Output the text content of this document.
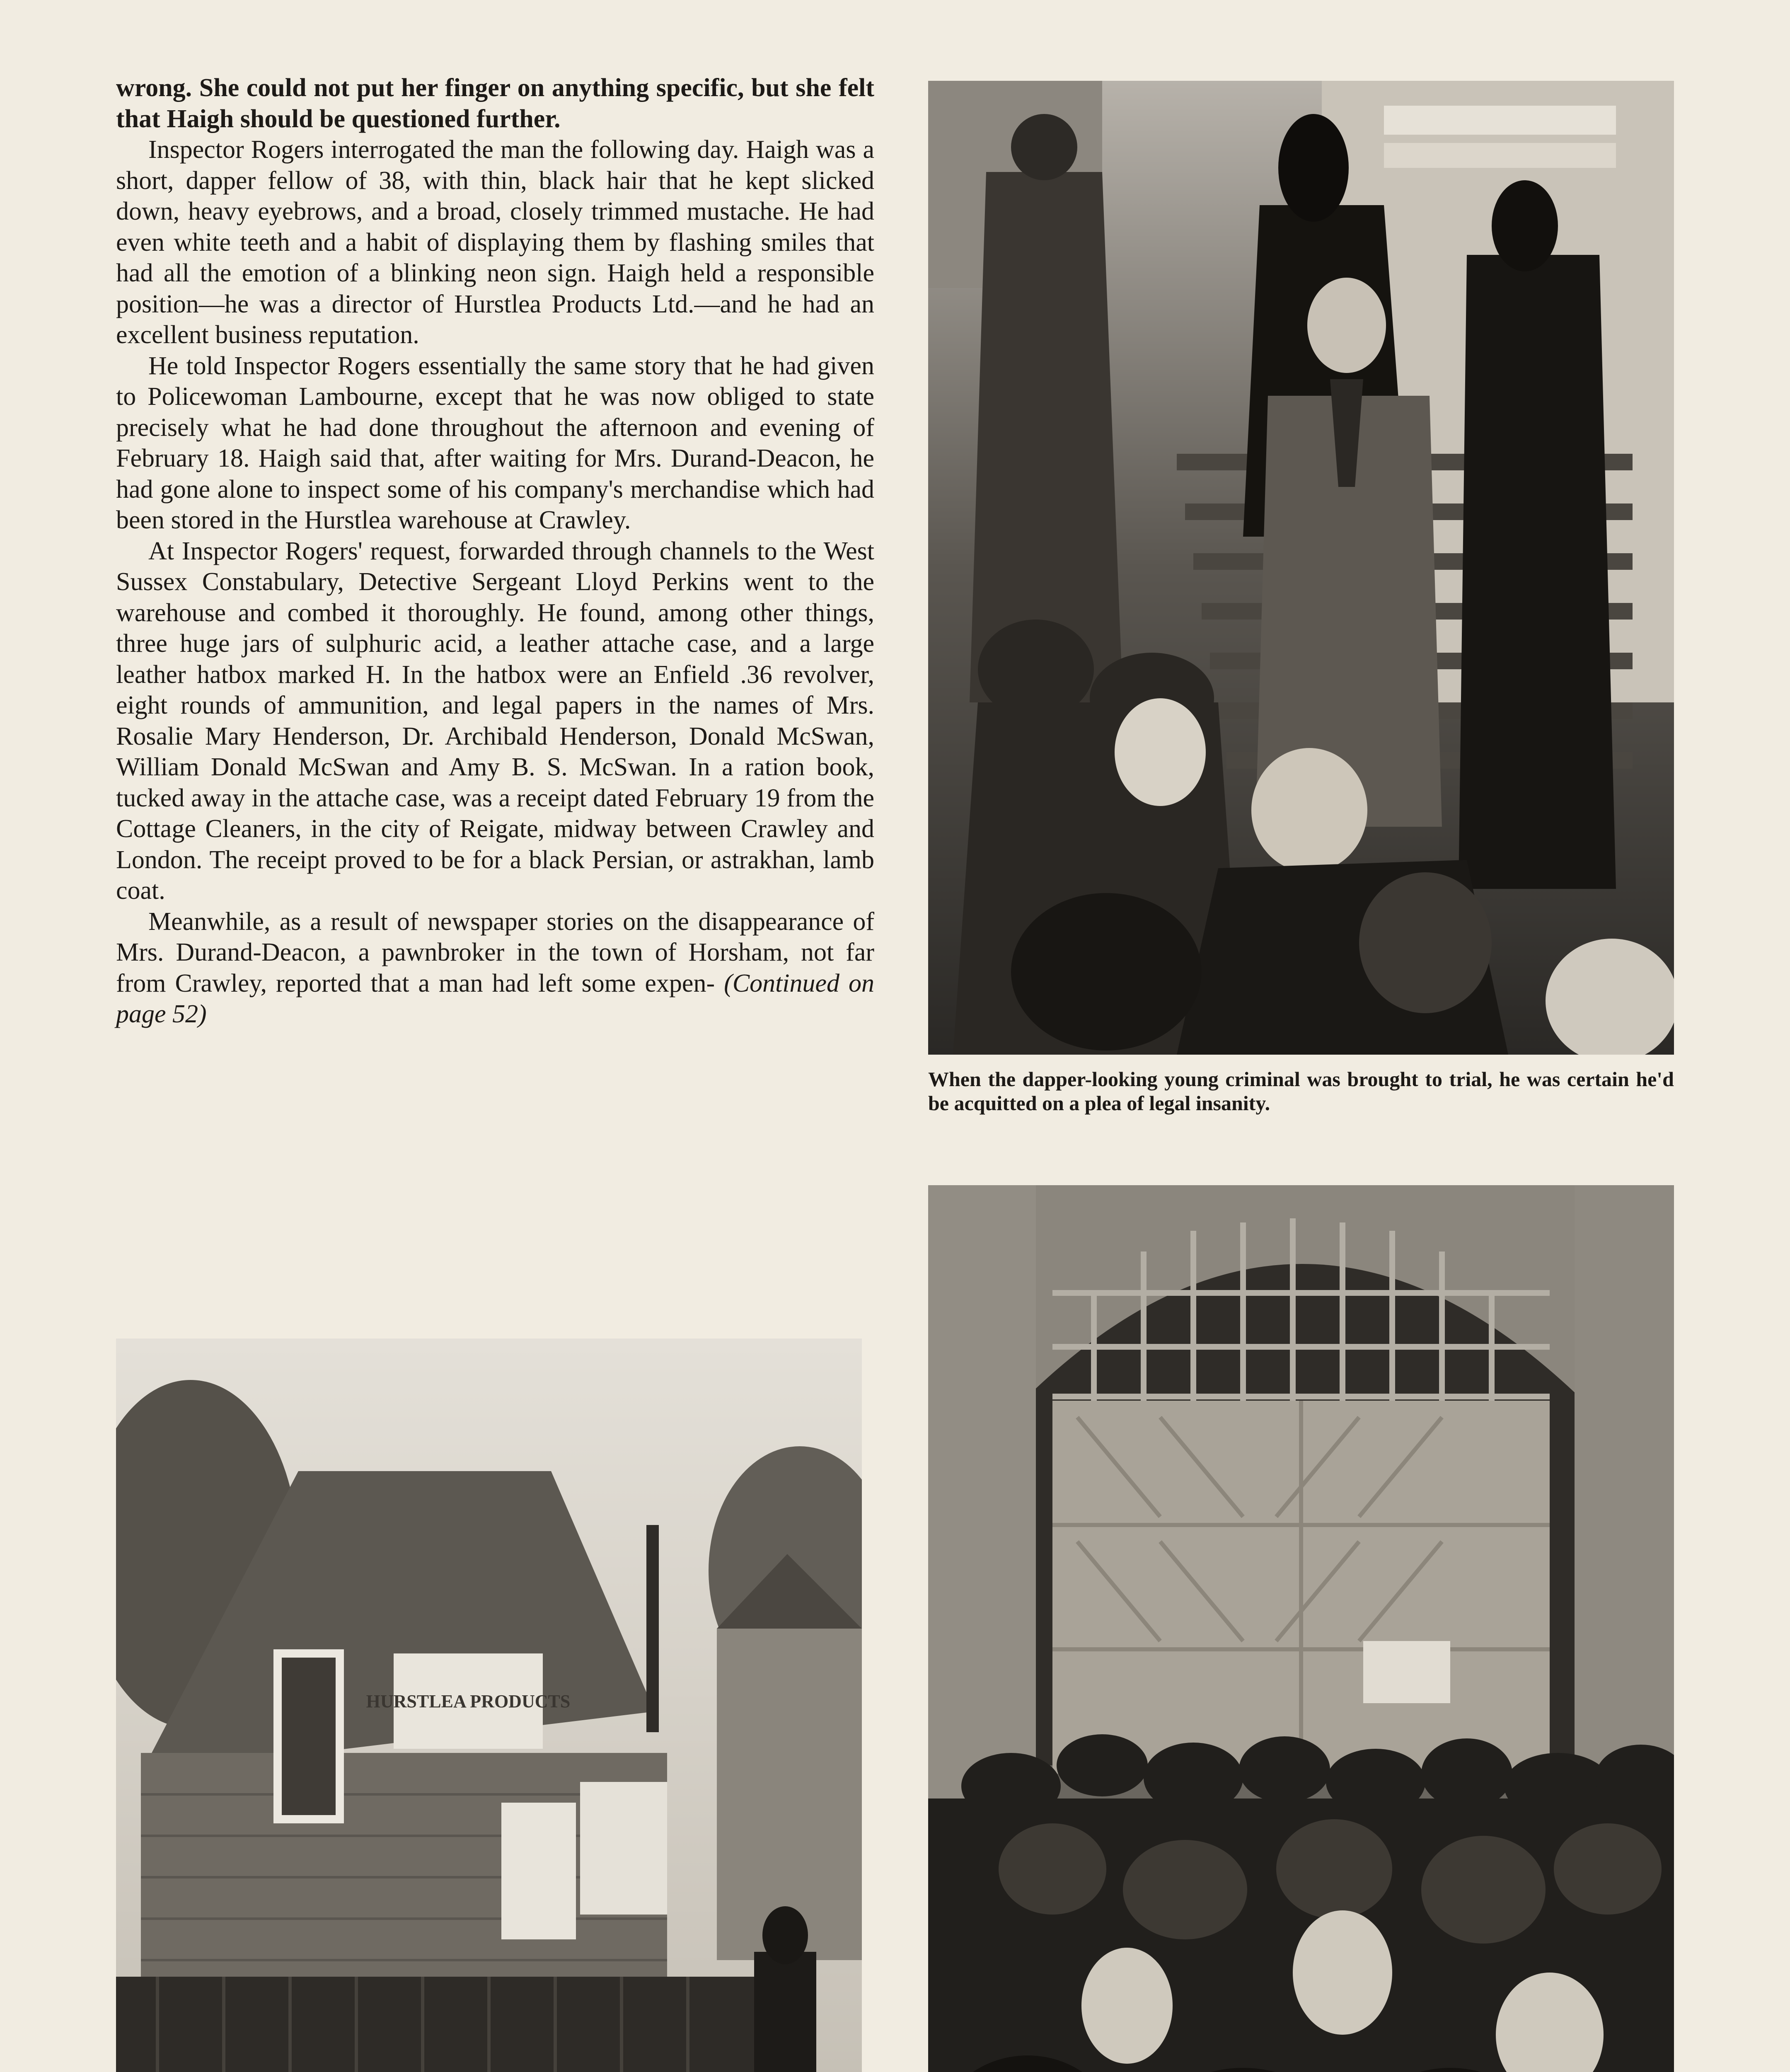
wrong. She could not put her finger on anything specific, but she felt that Haigh should be questioned further.

Inspector Rogers interrogated the man the following day. Haigh was a short, dapper fellow of 38, with thin, black hair that he kept slicked down, heavy eyebrows, and a broad, closely trimmed mustache. He had even white teeth and a habit of displaying them by flashing smiles that had all the emotion of a blinking neon sign. Haigh held a responsible position—he was a director of Hurstlea Products Ltd.—and he had an excellent business reputation.

He told Inspector Rogers essentially the same story that he had given to Policewoman Lambourne, except that he was now obliged to state precisely what he had done throughout the afternoon and evening of February 18. Haigh said that, after waiting for Mrs. Durand-Deacon, he had gone alone to inspect some of his company's merchandise which had been stored in the Hurstlea warehouse at Crawley.

At Inspector Rogers' request, forwarded through channels to the West Sussex Constabulary, Detective Sergeant Lloyd Perkins went to the warehouse and combed it thoroughly. He found, among other things, three huge jars of sulphuric acid, a leather attache case, and a large leather hatbox marked H. In the hatbox were an Enfield .36 revolver, eight rounds of ammunition, and legal papers in the names of Mrs. Rosalie Mary Henderson, Dr. Archibald Henderson, Donald McSwan, William Donald McSwan and Amy B. S. McSwan. In a ration book, tucked away in the attache case, was a receipt dated February 19 from the Cottage Cleaners, in the city of Reigate, midway between Crawley and London. The receipt proved to be for a black Persian, or astrakhan, lamb coat.

Meanwhile, as a result of newspaper stories on the disappearance of Mrs. Durand-Deacon, a pawnbroker in the town of Horsham, not far from Crawley, reported that a man had left some expen- (Continued on page 52)

When the dapper-looking young criminal was brought to trial, he was certain he'd be acquitted on a plea of legal insanity.
HURSTLEA PRODUCTS
